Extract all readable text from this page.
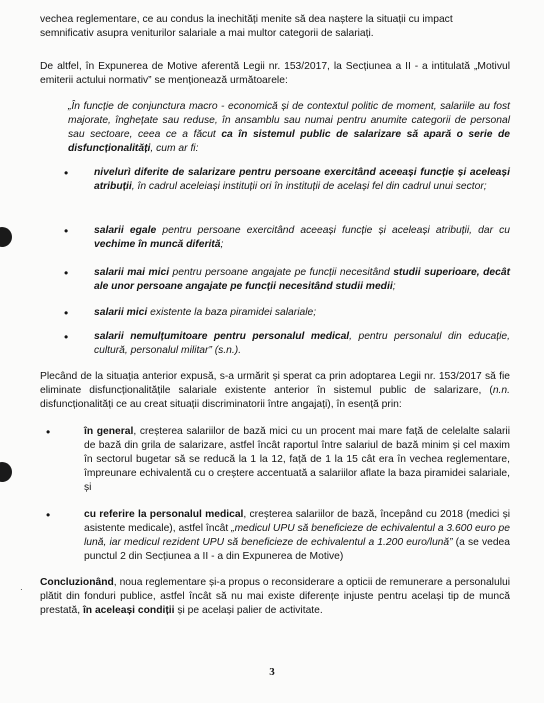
vechea reglementare, ce au condus la inechități menite să dea naștere la situații cu impact
semnificativ asupra veniturilor salariale a mai multor categorii de salariați.

De altfel, în Expunerea de Motive aferentă Legii nr. 153/2017, la Secțiunea a II - a intitulată „Motivul emiterii actului normativ” se menționează următoarele:

„În funcție de conjunctura macro - economică și de contextul politic de moment, salariile au fost majorate, înghețate sau reduse, în ansamblu sau numai pentru anumite categorii de personal sau sectoare, ceea ce a făcut ca în sistemul public de salarizare să apară o serie de disfuncționalități, cum ar fi:

•	nivelurì diferite de salarizare pentru persoane exercitând aceeași funcție și aceleași atribuții, în cadrul aceleiași instituții ori în instituții de același fel din cadrul unui sector;

•	salarii egale pentru persoane exercitând aceeași funcție și aceleași atribuții, dar cu vechime în muncă diferită;

•	salarii mai mici pentru persoane angajate pe funcții necesitând studii superioare, decât ale unor persoane angajate pe funcții necesitând studii medii;

•	salarii mici existente la baza piramidei salariale;

•	salarii nemulțumitoare pentru personalul medical, pentru personalul din educație, cultură, personalul militar” (s.n.).

Plecând de la situația anterior expusă, s-a urmărit și sperat ca prin adoptarea Legii nr. 153/2017 să fie eliminate disfuncționalitățile salariale existente anterior în sistemul public de salarizare, (n.n. disfuncționalități ce au creat situații discriminatorii între angajați), în esență prin:

•	în general, creșterea salariilor de bază mici cu un procent mai mare față de celelalte salarii de bază din grila de salarizare, astfel încât raportul între salariul de bază minim și cel maxim în sectorul bugetar să se reducă la 1 la 12, față de 1 la 15 cât era în vechea reglementare, împreunare echivalentă cu o creștere accentuată a salariilor aflate la baza piramidei salariale, și

•	cu referire la personalul medical, creșterea salariilor de bază, începând cu 2018 (medici și asistente medicale), astfel încât „medicul UPU să beneficieze de echivalentul a 3.600 euro pe lună, iar medicul rezident UPU să beneficieze de echivalentul a 1.200 euro/lună” (a se vedea punctul 2 din Secțiunea a II - a din Expunerea de Motive)

·

Concluzionând, noua reglementare și-a propus o reconsiderare a opticii de remunerare a personalului plătit din fonduri publice, astfel încât să nu mai existe diferențe injuste pentru același tip de muncă prestată, în aceleași condiții și pe același palier de activitate.

3
